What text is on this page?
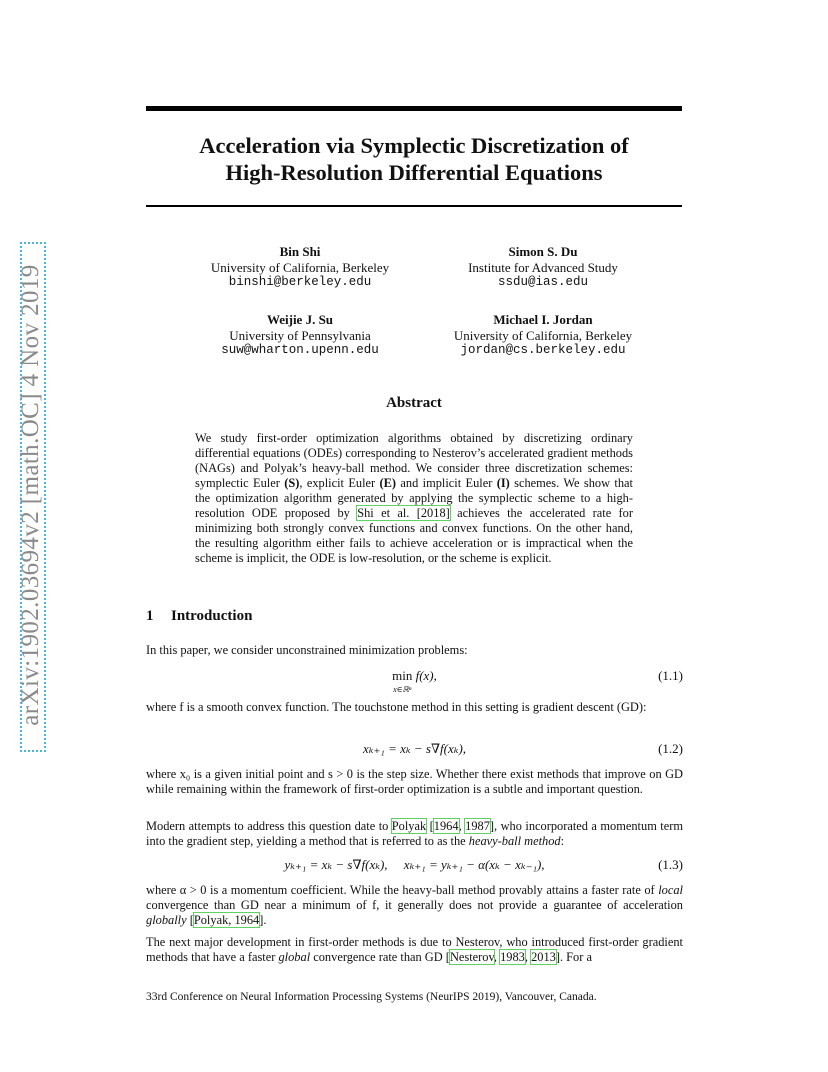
arXiv:1902.03694v2 [math.OC] 4 Nov 2019
Acceleration via Symplectic Discretization of
High-Resolution Differential Equations
Bin Shi
University of California, Berkeley
binshi@berkeley.edu
Simon S. Du
Institute for Advanced Study
ssdu@ias.edu
Weijie J. Su
University of Pennsylvania
suw@wharton.upenn.edu
Michael I. Jordan
University of California, Berkeley
jordan@cs.berkeley.edu
Abstract
We study first-order optimization algorithms obtained by discretizing ordinary differential equations (ODEs) corresponding to Nesterov’s accelerated gradient methods (NAGs) and Polyak’s heavy-ball method. We consider three discretization schemes: symplectic Euler (S), explicit Euler (E) and implicit Euler (I) schemes. We show that the optimization algorithm generated by applying the symplectic scheme to a high-resolution ODE proposed by Shi et al. [2018] achieves the accelerated rate for minimizing both strongly convex functions and convex functions. On the other hand, the resulting algorithm either fails to achieve acceleration or is impractical when the scheme is implicit, the ODE is low-resolution, or the scheme is explicit.
1 Introduction
In this paper, we consider unconstrained minimization problems:
min
$^{x\in ℝ^n}$ f(x),	(1.1)
where f is a smooth convex function. The touchstone method in this setting is gradient descent (GD):
xₖ₊₁ = xₖ − s∇f(xₖ),	(1.2)
where x₀ is a given initial point and s > 0 is the step size. Whether there exist methods that improve on GD while remaining within the framework of first-order optimization is a subtle and important question.
Modern attempts to address this question date to Polyak [1964, 1987], who incorporated a momentum term into the gradient step, yielding a method that is referred to as the heavy-ball method:
yₖ₊₁ = xₖ − s∇f(xₖ),     xₖ₊₁ = yₖ₊₁ − α(xₖ − xₖ₋₁),	(1.3)
where α > 0 is a momentum coefficient. While the heavy-ball method provably attains a faster rate of local convergence than GD near a minimum of f, it generally does not provide a guarantee of acceleration globally [Polyak, 1964].
The next major development in first-order methods is due to Nesterov, who introduced first-order gradient methods that have a faster global convergence rate than GD [Nesterov, 1983, 2013]. For a
33rd Conference on Neural Information Processing Systems (NeurIPS 2019), Vancouver, Canada.
